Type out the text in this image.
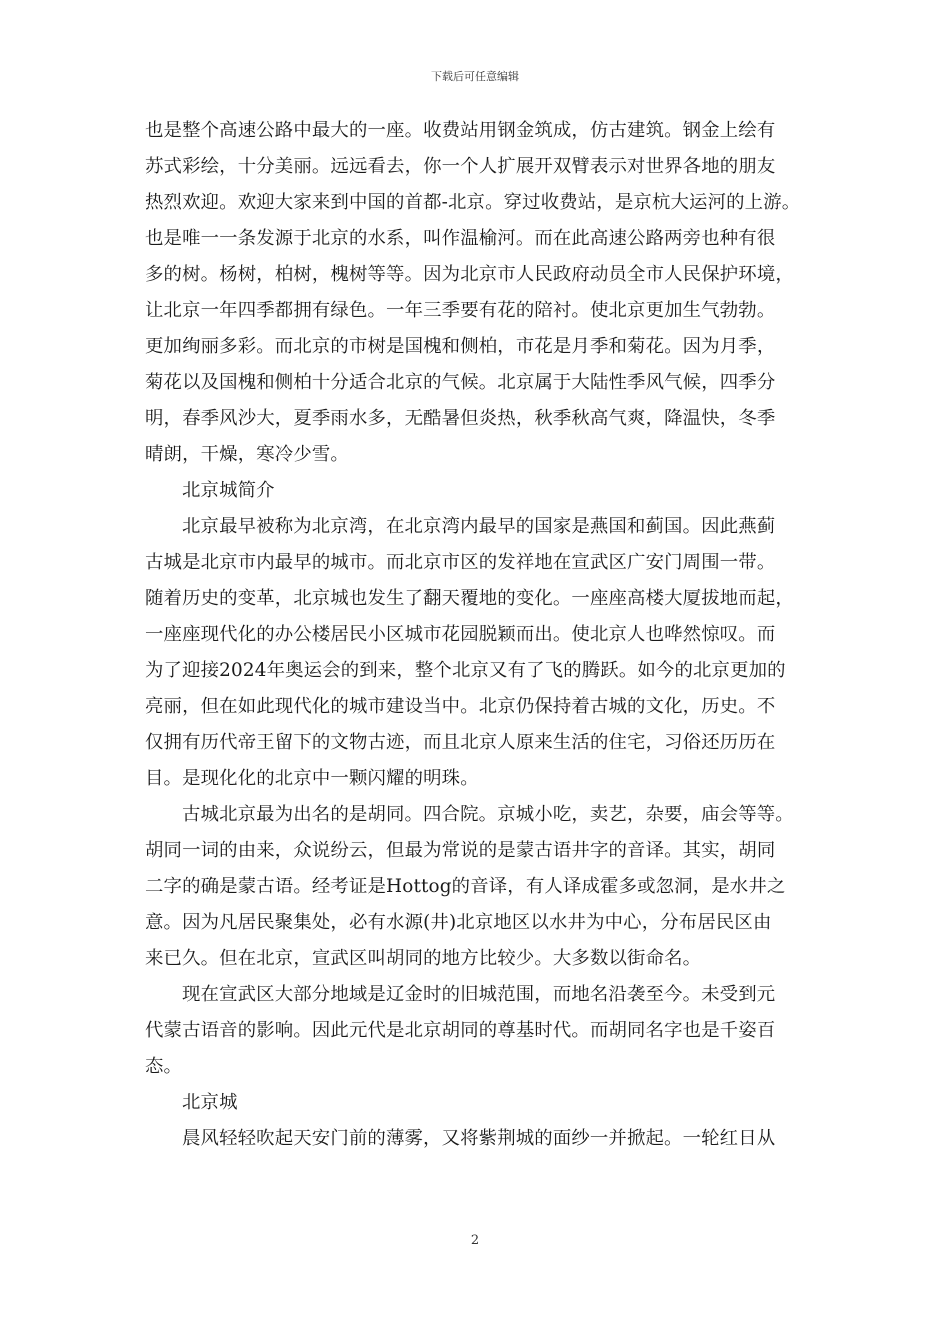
下载后可任意编辑
也是整个高速公路中最大的一座。收费站用钢金筑成，仿古建筑。钢金上绘有
苏式彩绘，十分美丽。远远看去，你一个人扩展开双臂表示对世界各地的朋友
热烈欢迎。欢迎大家来到中国的首都-北京。穿过收费站，是京杭大运河的上游。
也是唯一一条发源于北京的水系，叫作温榆河。而在此高速公路两旁也种有很
多的树。杨树，柏树，槐树等等。因为北京市人民政府动员全市人民保护环境，
让北京一年四季都拥有绿色。一年三季要有花的陪衬。使北京更加生气勃勃。
更加绚丽多彩。而北京的市树是国槐和侧柏，市花是月季和菊花。因为月季，
菊花以及国槐和侧柏十分适合北京的气候。北京属于大陆性季风气候，四季分
明，春季风沙大，夏季雨水多，无酷暑但炎热，秋季秋高气爽，降温快，冬季
晴朗，干燥，寒冷少雪。
北京城简介
北京最早被称为北京湾，在北京湾内最早的国家是燕国和蓟国。因此燕蓟
古城是北京市内最早的城市。而北京市区的发祥地在宣武区广安门周围一带。
随着历史的变革，北京城也发生了翻天覆地的变化。一座座高楼大厦拔地而起，
一座座现代化的办公楼居民小区城市花园脱颖而出。使北京人也哗然惊叹。而
为了迎接2024年奥运会的到来，整个北京又有了飞的腾跃。如今的北京更加的
亮丽，但在如此现代化的城市建设当中。北京仍保持着古城的文化，历史。不
仅拥有历代帝王留下的文物古迹，而且北京人原来生活的住宅，习俗还历历在
目。是现化化的北京中一颗闪耀的明珠。
古城北京最为出名的是胡同。四合院。京城小吃，卖艺，杂要，庙会等等。
胡同一词的由来，众说纷云，但最为常说的是蒙古语井字的音译。其实，胡同
二字的确是蒙古语。经考证是Hottog的音译，有人译成霍多或忽洞，是水井之
意。因为凡居民聚集处，必有水源(井)北京地区以水井为中心，分布居民区由
来已久。但在北京，宣武区叫胡同的地方比较少。大多数以街命名。
现在宣武区大部分地域是辽金时的旧城范围，而地名沿袭至今。未受到元
代蒙古语音的影响。因此元代是北京胡同的尊基时代。而胡同名字也是千姿百
态。
北京城
晨风轻轻吹起天安门前的薄雾，又将紫荆城的面纱一并掀起。一轮红日从
2
